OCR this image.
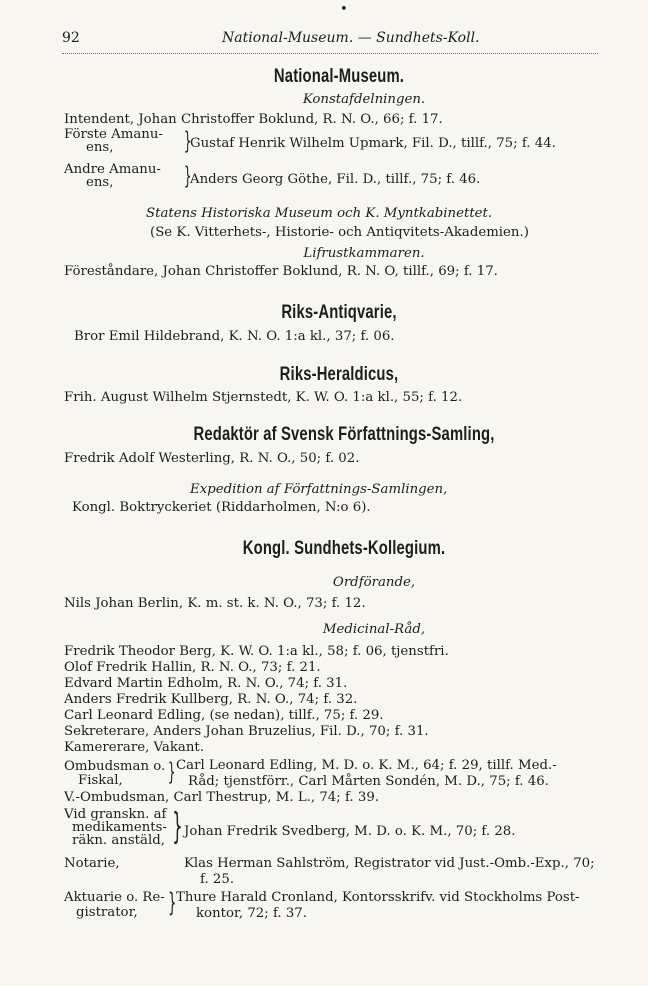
•
92	National-Museum. — Sundhets-Koll.
National-Museum.
Konstafdelningen.
Intendent, Johan Christoffer Boklund, R. N. O., 66; f. 17.
Förste Amanu-
ens,	}
Gustaf Henrik Wilhelm Upmark, Fil. D., tillf., 75; f. 44.
Andre Amanu-
ens,	}
Anders Georg Göthe, Fil. D., tillf., 75; f. 46.
Statens Historiska Museum och K. Myntkabinettet.
(Se K. Vitterhets-, Historie- och Antiqvitets-Akademien.)
Lifrustkammaren.
Föreståndare, Johan Christoffer Boklund, R. N. O, tillf., 69; f. 17.
Riks-Antiqvarie,
Bror Emil Hildebrand, K. N. O. 1:a kl., 37; f. 06.
Riks-Heraldicus,
Frih. August Wilhelm Stjernstedt, K. W. O. 1:a kl., 55; f. 12.
Redaktör af Svensk Författnings-Samling,
Fredrik Adolf Westerling, R. N. O., 50; f. 02.
Expedition af Författnings-Samlingen,
Kongl. Boktryckeriet (Riddarholmen, N:o 6).
Kongl. Sundhets-Kollegium.
Ordförande,
Nils Johan Berlin, K. m. st. k. N. O., 73; f. 12.
Medicinal-Råd,
Fredrik Theodor Berg, K. W. O. 1:a kl., 58; f. 06, tjenstfri.
Olof Fredrik Hallin, R. N. O., 73; f. 21.
Edvard Martin Edholm, R. N. O., 74; f. 31.
Anders Fredrik Kullberg, R. N. O., 74; f. 32.
Carl Leonard Edling, (se nedan), tillf., 75; f. 29.
Sekreterare, Anders Johan Bruzelius, Fil. D., 70; f. 31.
Kamererare, Vakant.
Ombudsman o.
Fiskal,	} Carl Leonard Edling, M. D. o. K. M., 64; f. 29, tillf. Med.-
Råd; tjenstförr., Carl Mårten Sondén, M. D., 75; f. 46.
V.-Ombudsman, Carl Thestrup, M. L., 74; f. 39.
Vid granskn. af
medikaments-
räkn. anstäld, } Johan Fredrik Svedberg, M. D. o. K. M., 70; f. 28.
Notarie,	Klas Herman Sahlström, Registrator vid Just.-Omb.-Exp., 70;
f. 25.
Aktuarie o. Re-
gistrator,	} Thure Harald Cronland, Kontorsskrifv. vid Stockholms Post-
kontor, 72; f. 37.
